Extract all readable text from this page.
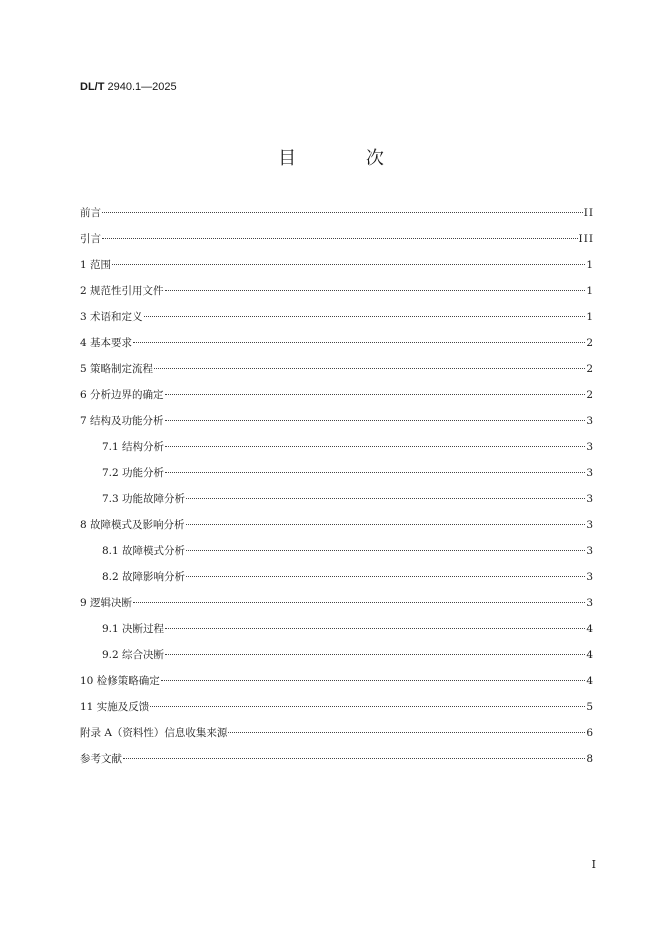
DL/T 2940.1—2025
目 次
前言	II
引言	III
1 范围	1
2 规范性引用文件	1
3 术语和定义	1
4 基本要求	2
5 策略制定流程	2
6 分析边界的确定	2
7 结构及功能分析	3
7.1 结构分析	3
7.2 功能分析	3
7.3 功能故障分析	3
8 故障模式及影响分析	3
8.1 故障模式分析	3
8.2 故障影响分析	3
9 逻辑决断	3
9.1 决断过程	4
9.2 综合决断	4
10 检修策略确定	4
11 实施及反馈	5
附录 A（资料性）信息收集来源	6
参考文献	8
I
